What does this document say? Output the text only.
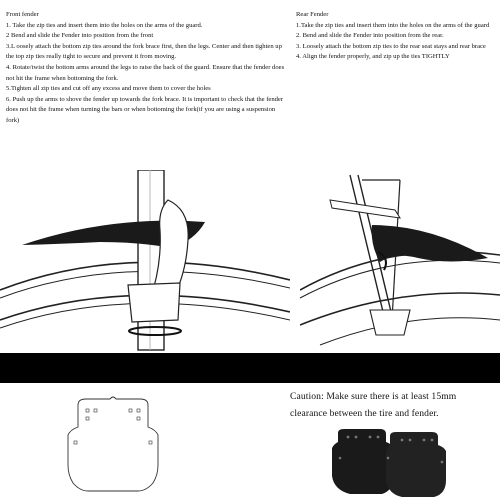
Front fender
1. Take the zip ties and insert them into the holes on the arms of the guard.
2 Bend and slide the Fender into position from the front
3.L oosely attach the bottom zip ties around the fork brace first, then the legs. Center and then tighten up the top zip ties really tight to secure and prevent it from moving.
4. Rotate/twist the bottom arms around the legs to raise the back of the guard. Ensure that the fender does not hit the frame when bottoming the fork.
5.Tighten all zip ties and cut off any excess and move them to cover the holes
6. Push up the arms to shove the fender up towards the fork brace. It is important to check that the fender does not hit the frame when turning the bars or when bottoming the fork(if you are using a suspension fork)
Rear Fender
1.Take the zip ties and insert them into the holes on the arms of the guard
2. Bend and slide the Fender into position from the rear.
3. Loosely attach the bottom zip ties to the rear seat stays and rear brace
4. Align the fender properly, and zip up the ties TIGHTLY
Caution: Make sure there is at least 15mm clearance between the tire and fender.
